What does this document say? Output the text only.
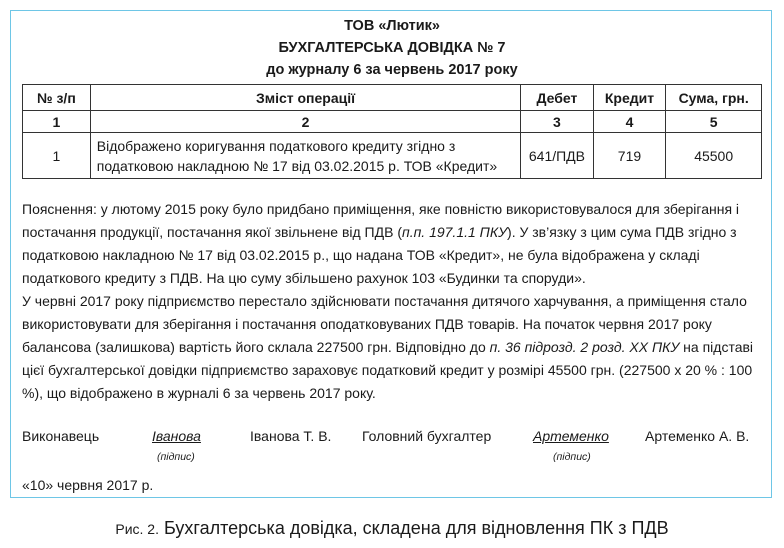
ТОВ «Лютик»
БУХГАЛТЕРСЬКА ДОВІДКА № 7
до журналу 6 за червень 2017 року
№ з/п	Зміст операції	Дебет	Кредит	Сума, грн.
1	2	3	4	5
1	Відображено коригування податкового кредиту згідно з податковою накладною № 17 від 03.02.2015 р. ТОВ «Кредит»	641/ПДВ	719	45500

Пояснення: у лютому 2015 року було придбано приміщення, яке повністю використовувалося для зберігання і постачання продукції, постачання якої звільнене від ПДВ (п.п. 197.1.1 ПКУ). У зв’язку з цим сума ПДВ згідно з податковою накладною № 17 від 03.02.2015 р., що надана ТОВ «Кредит», не була відображена у складі податкового кредиту з ПДВ. На цю суму збільшено рахунок 103 «Будинки та споруди».

У червні 2017 року підприємство перестало здійснювати постачання дитячого харчування, а приміщення стало використовувати для зберігання і постачання оподатковуваних ПДВ товарів. На початок червня 2017 року балансова (залишкова) вартість його склала 227500 грн. Відповідно до п. 36 підрозд. 2 розд. ХХ ПКУ на підставі цієї бухгалтерської довідки підприємство зараховує податковий кредит у розмірі 45500 грн. (227500 х 20 % : 100 %), що відображено в журналі 6 за червень 2017 року.

Виконавець	Іванова	Іванова Т. В. Головний бухгалтер	Артеменко	Артеменко А. В.
(підпис)	(підпис)
«10» червня 2017 р.
Рис. 2. Бухгалтерська довідка, складена для відновлення ПК з ПДВ
